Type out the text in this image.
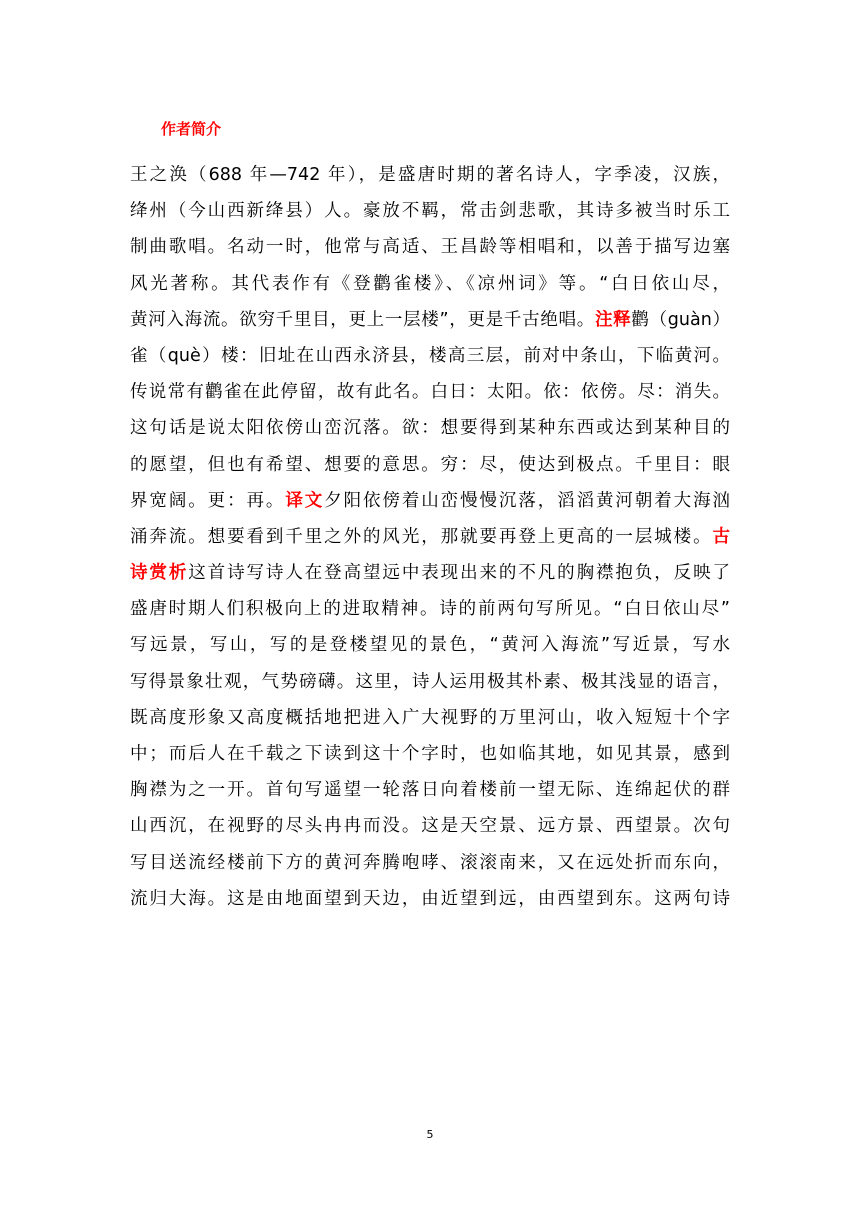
作者简介

王之涣（688 年—742 年），是盛唐时期的著名诗人，字季凌，汉族，
绛州（今山西新绛县）人。豪放不羁，常击剑悲歌，其诗多被当时乐工
制曲歌唱。名动一时，他常与高适、王昌龄等相唱和，以善于描写边塞
风光著称。其代表作有《登鹳雀楼》、《凉州词》等。“白日依山尽，
黄河入海流。欲穷千里目，更上一层楼”，更是千古绝唱。注释鹳（guàn）
雀（què）楼：旧址在山西永济县，楼高三层，前对中条山，下临黄河。
传说常有鹳雀在此停留，故有此名。白日：太阳。依：依傍。尽：消失。
这句话是说太阳依傍山峦沉落。欲：想要得到某种东西或达到某种目的
的愿望，但也有希望、想要的意思。穷：尽，使达到极点。千里目：眼
界宽阔。更：再。译文夕阳依傍着山峦慢慢沉落，滔滔黄河朝着大海汹
涌奔流。想要看到千里之外的风光，那就要再登上更高的一层城楼。古
诗赏析这首诗写诗人在登高望远中表现出来的不凡的胸襟抱负，反映了
盛唐时期人们积极向上的进取精神。诗的前两句写所见。“白日依山尽”
写远景，写山，写的是登楼望见的景色，“黄河入海流”写近景，写水
写得景象壮观，气势磅礴。这里，诗人运用极其朴素、极其浅显的语言，
既高度形象又高度概括地把进入广大视野的万里河山，收入短短十个字
中；而后人在千载之下读到这十个字时，也如临其地，如见其景，感到
胸襟为之一开。首句写遥望一轮落日向着楼前一望无际、连绵起伏的群
山西沉，在视野的尽头冉冉而没。这是天空景、远方景、西望景。次句
写目送流经楼前下方的黄河奔腾咆哮、滚滚南来，又在远处折而东向，
流归大海。这是由地面望到天边，由近望到远，由西望到东。这两句诗
5
